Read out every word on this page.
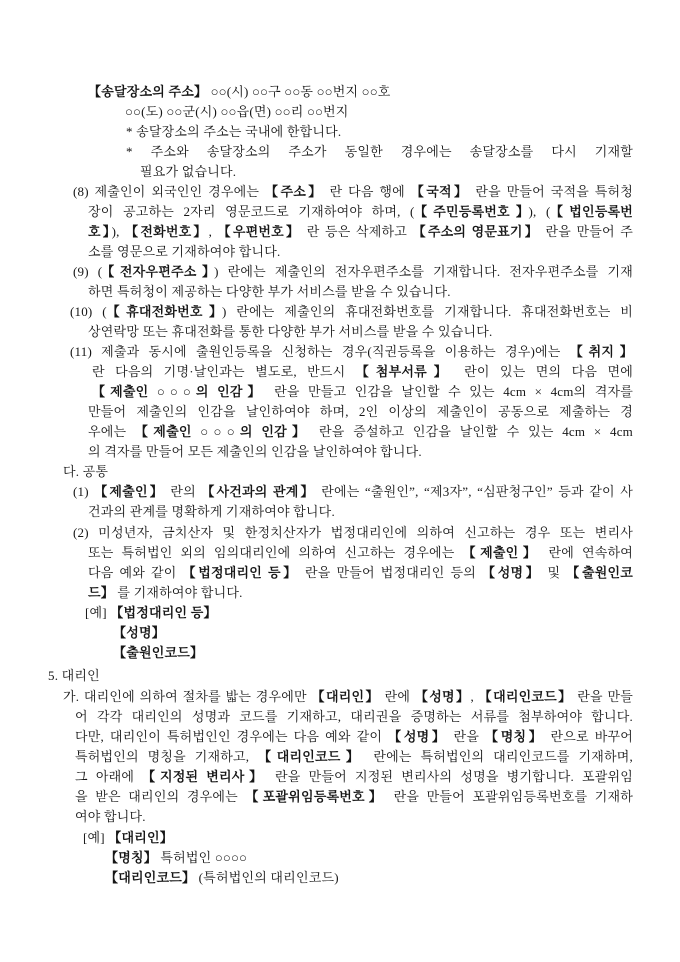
【송달장소의 주소】 ○○(시) ○○구 ○○동 ○○번지 ○○호
○○(도) ○○군(시) ○○읍(면) ○○리 ○○번지
* 송달장소의 주소는 국내에 한합니다.
* 주소와 송달장소의 주소가 동일한 경우에는 송달장소를 다시 기재할
필요가 없습니다.
(8) 제출인이 외국인인 경우에는 【주소】 란 다음 행에 【국적】 란을 만들어 국적을 특허청
장이 공고하는 2자리 영문코드로 기재하여야 하며, (【주민등록번호】), (【법인등록번
호】), 【전화번호】, 【우편번호】 란 등은 삭제하고 【주소의 영문표기】 란을 만들어 주
소를 영문으로 기재하여야 합니다.
(9) (【전자우편주소】) 란에는 제출인의 전자우편주소를 기재합니다. 전자우편주소를 기재
하면 특허청이 제공하는 다양한 부가 서비스를 받을 수 있습니다.
(10) (【휴대전화번호】) 란에는 제출인의 휴대전화번호를 기재합니다. 휴대전화번호는 비
상연락망 또는 휴대전화를 통한 다양한 부가 서비스를 받을 수 있습니다.
(11) 제출과 동시에 출원인등록을 신청하는 경우(직권등록을 이용하는 경우)에는 【취지】
란 다음의 기명·날인과는 별도로, 반드시 【첨부서류】 란이 있는 면의 다음 면에
【제출인 ○○○의 인감】 란을 만들고 인감을 날인할 수 있는 4cm × 4cm의 격자를
만들어 제출인의 인감을 날인하여야 하며, 2인 이상의 제출인이 공동으로 제출하는 경
우에는 【제출인 ○○○의 인감】 란을 증설하고 인감을 날인할 수 있는 4cm × 4cm
의 격자를 만들어 모든 제출인의 인감을 날인하여야 합니다.
다. 공통
(1) 【제출인】 란의 【사건과의 관계】 란에는 “출원인”, “제3자”, “심판청구인” 등과 같이 사
건과의 관계를 명확하게 기재하여야 합니다.
(2) 미성년자, 금치산자 및 한정치산자가 법정대리인에 의하여 신고하는 경우 또는 변리사
또는 특허법인 외의 임의대리인에 의하여 신고하는 경우에는 【제출인】 란에 연속하여
다음 예와 같이 【법정대리인 등】 란을 만들어 법정대리인 등의 【성명】 및 【출원인코
드】 를 기재하여야 합니다.
[예] 【법정대리인 등】
【성명】
【출원인코드】
5. 대리인
가. 대리인에 의하여 절차를 밟는 경우에만 【대리인】 란에 【성명】, 【대리인코드】 란을 만들
어 각각 대리인의 성명과 코드를 기재하고, 대리권을 증명하는 서류를 첨부하여야 합니다.
다만, 대리인이 특허법인인 경우에는 다음 예와 같이 【성명】 란을 【명칭】 란으로 바꾸어
특허법인의 명칭을 기재하고, 【대리인코드】 란에는 특허법인의 대리인코드를 기재하며,
그 아래에 【지정된 변리사】 란을 만들어 지정된 변리사의 성명을 병기합니다. 포괄위임
을 받은 대리인의 경우에는 【포괄위임등록번호】 란을 만들어 포괄위임등록번호를 기재하
여야 합니다.
[예] 【대리인】
【명칭】 특허법인 ○○○○
【대리인코드】 (특허법인의 대리인코드)
